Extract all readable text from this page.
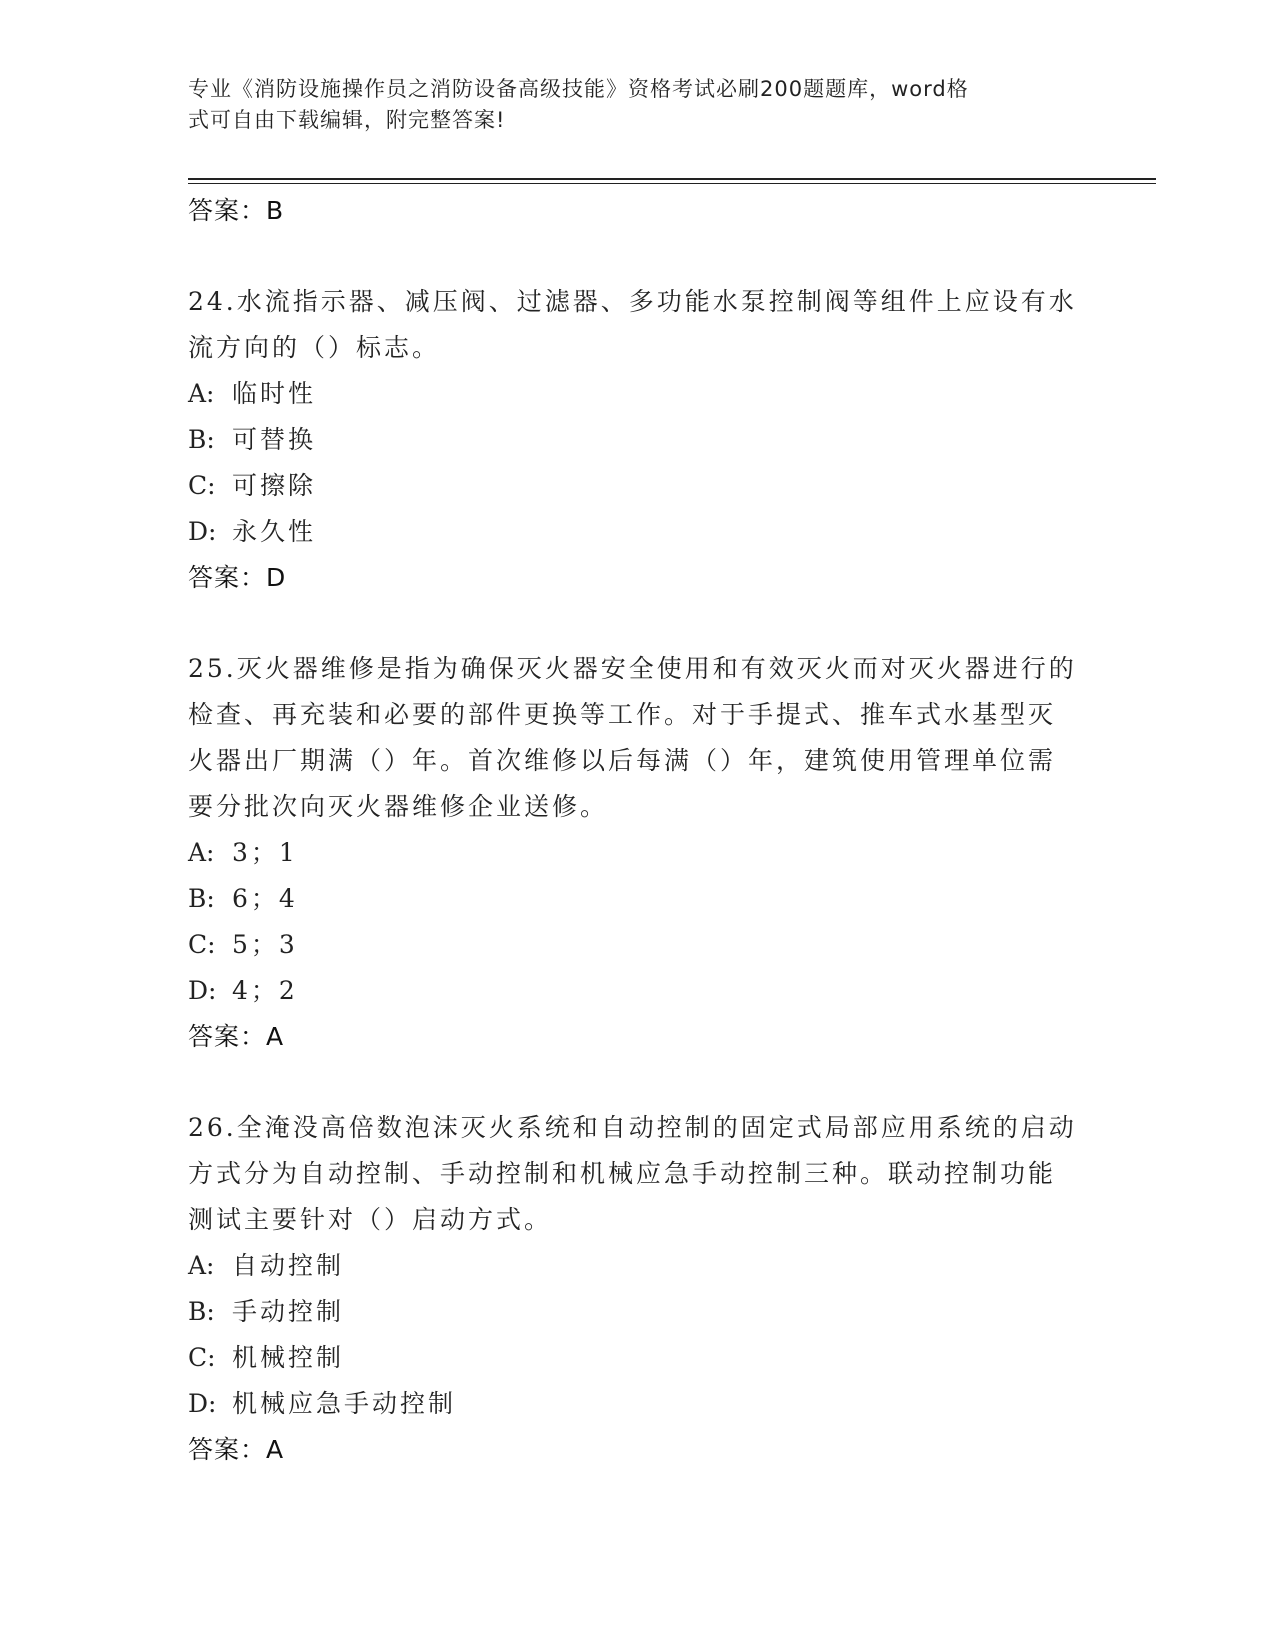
专业《消防设施操作员之消防设备高级技能》资格考试必刷200题题库，word格
式可自由下载编辑，附完整答案!
答案：B
24.水流指示器、减压阀、过滤器、多功能水泵控制阀等组件上应设有水流方向的（）标志。
A: 临时性
B: 可替换
C: 可擦除
D: 永久性
答案：D
25.灭火器维修是指为确保灭火器安全使用和有效灭火而对灭火器进行的检查、再充装和必要的部件更换等工作。对于手提式、推车式水基型灭火器出厂期满（）年。首次维修以后每满（）年，建筑使用管理单位需要分批次向灭火器维修企业送修。
A: 3；1
B: 6；4
C: 5；3
D: 4；2
答案：A
26.全淹没高倍数泡沫灭火系统和自动控制的固定式局部应用系统的启动方式分为自动控制、手动控制和机械应急手动控制三种。联动控制功能测试主要针对（）启动方式。
A: 自动控制
B: 手动控制
C: 机械控制
D: 机械应急手动控制
答案：A
